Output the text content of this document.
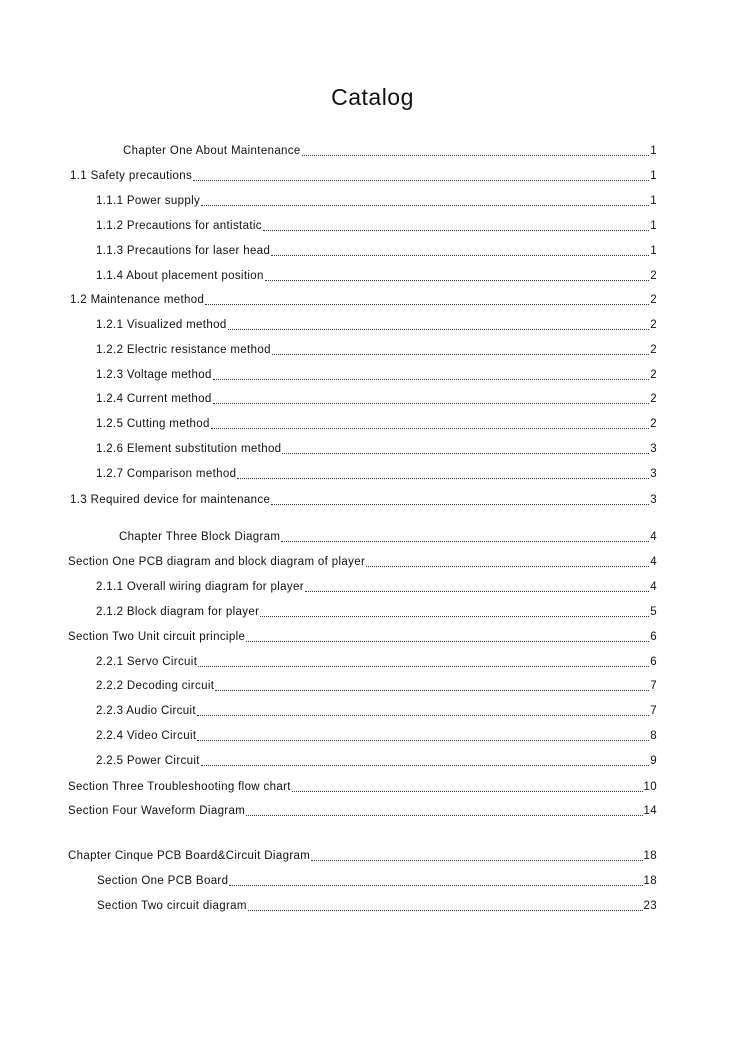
Catalog
Chapter One About Maintenance	1
1.1 Safety precautions	1
1.1.1 Power supply	1
1.1.2 Precautions for antistatic	1
1.1.3 Precautions for laser head	1
1.1.4 About placement position	2
1.2 Maintenance method	2
1.2.1 Visualized method	2
1.2.2 Electric resistance method	2
1.2.3 Voltage method	2
1.2.4 Current method	2
1.2.5 Cutting method	2
1.2.6 Element substitution method	3
1.2.7 Comparison method	3
1.3 Required device for maintenance	3
Chapter Three Block Diagram	4
Section One PCB diagram and block diagram of player	4
2.1.1 Overall wiring diagram for player	4
2.1.2 Block diagram for player	5
Section Two Unit circuit principle	6
2.2.1 Servo Circuit	6
2.2.2 Decoding circuit	7
2.2.3 Audio Circuit	7
2.2.4 Video Circuit	8
2.2.5 Power Circuit	9
Section Three Troubleshooting flow chart	10
Section Four Waveform Diagram	14
Chapter Cinque PCB Board&Circuit Diagram	18
Section One PCB Board	18
Section Two circuit diagram	23
